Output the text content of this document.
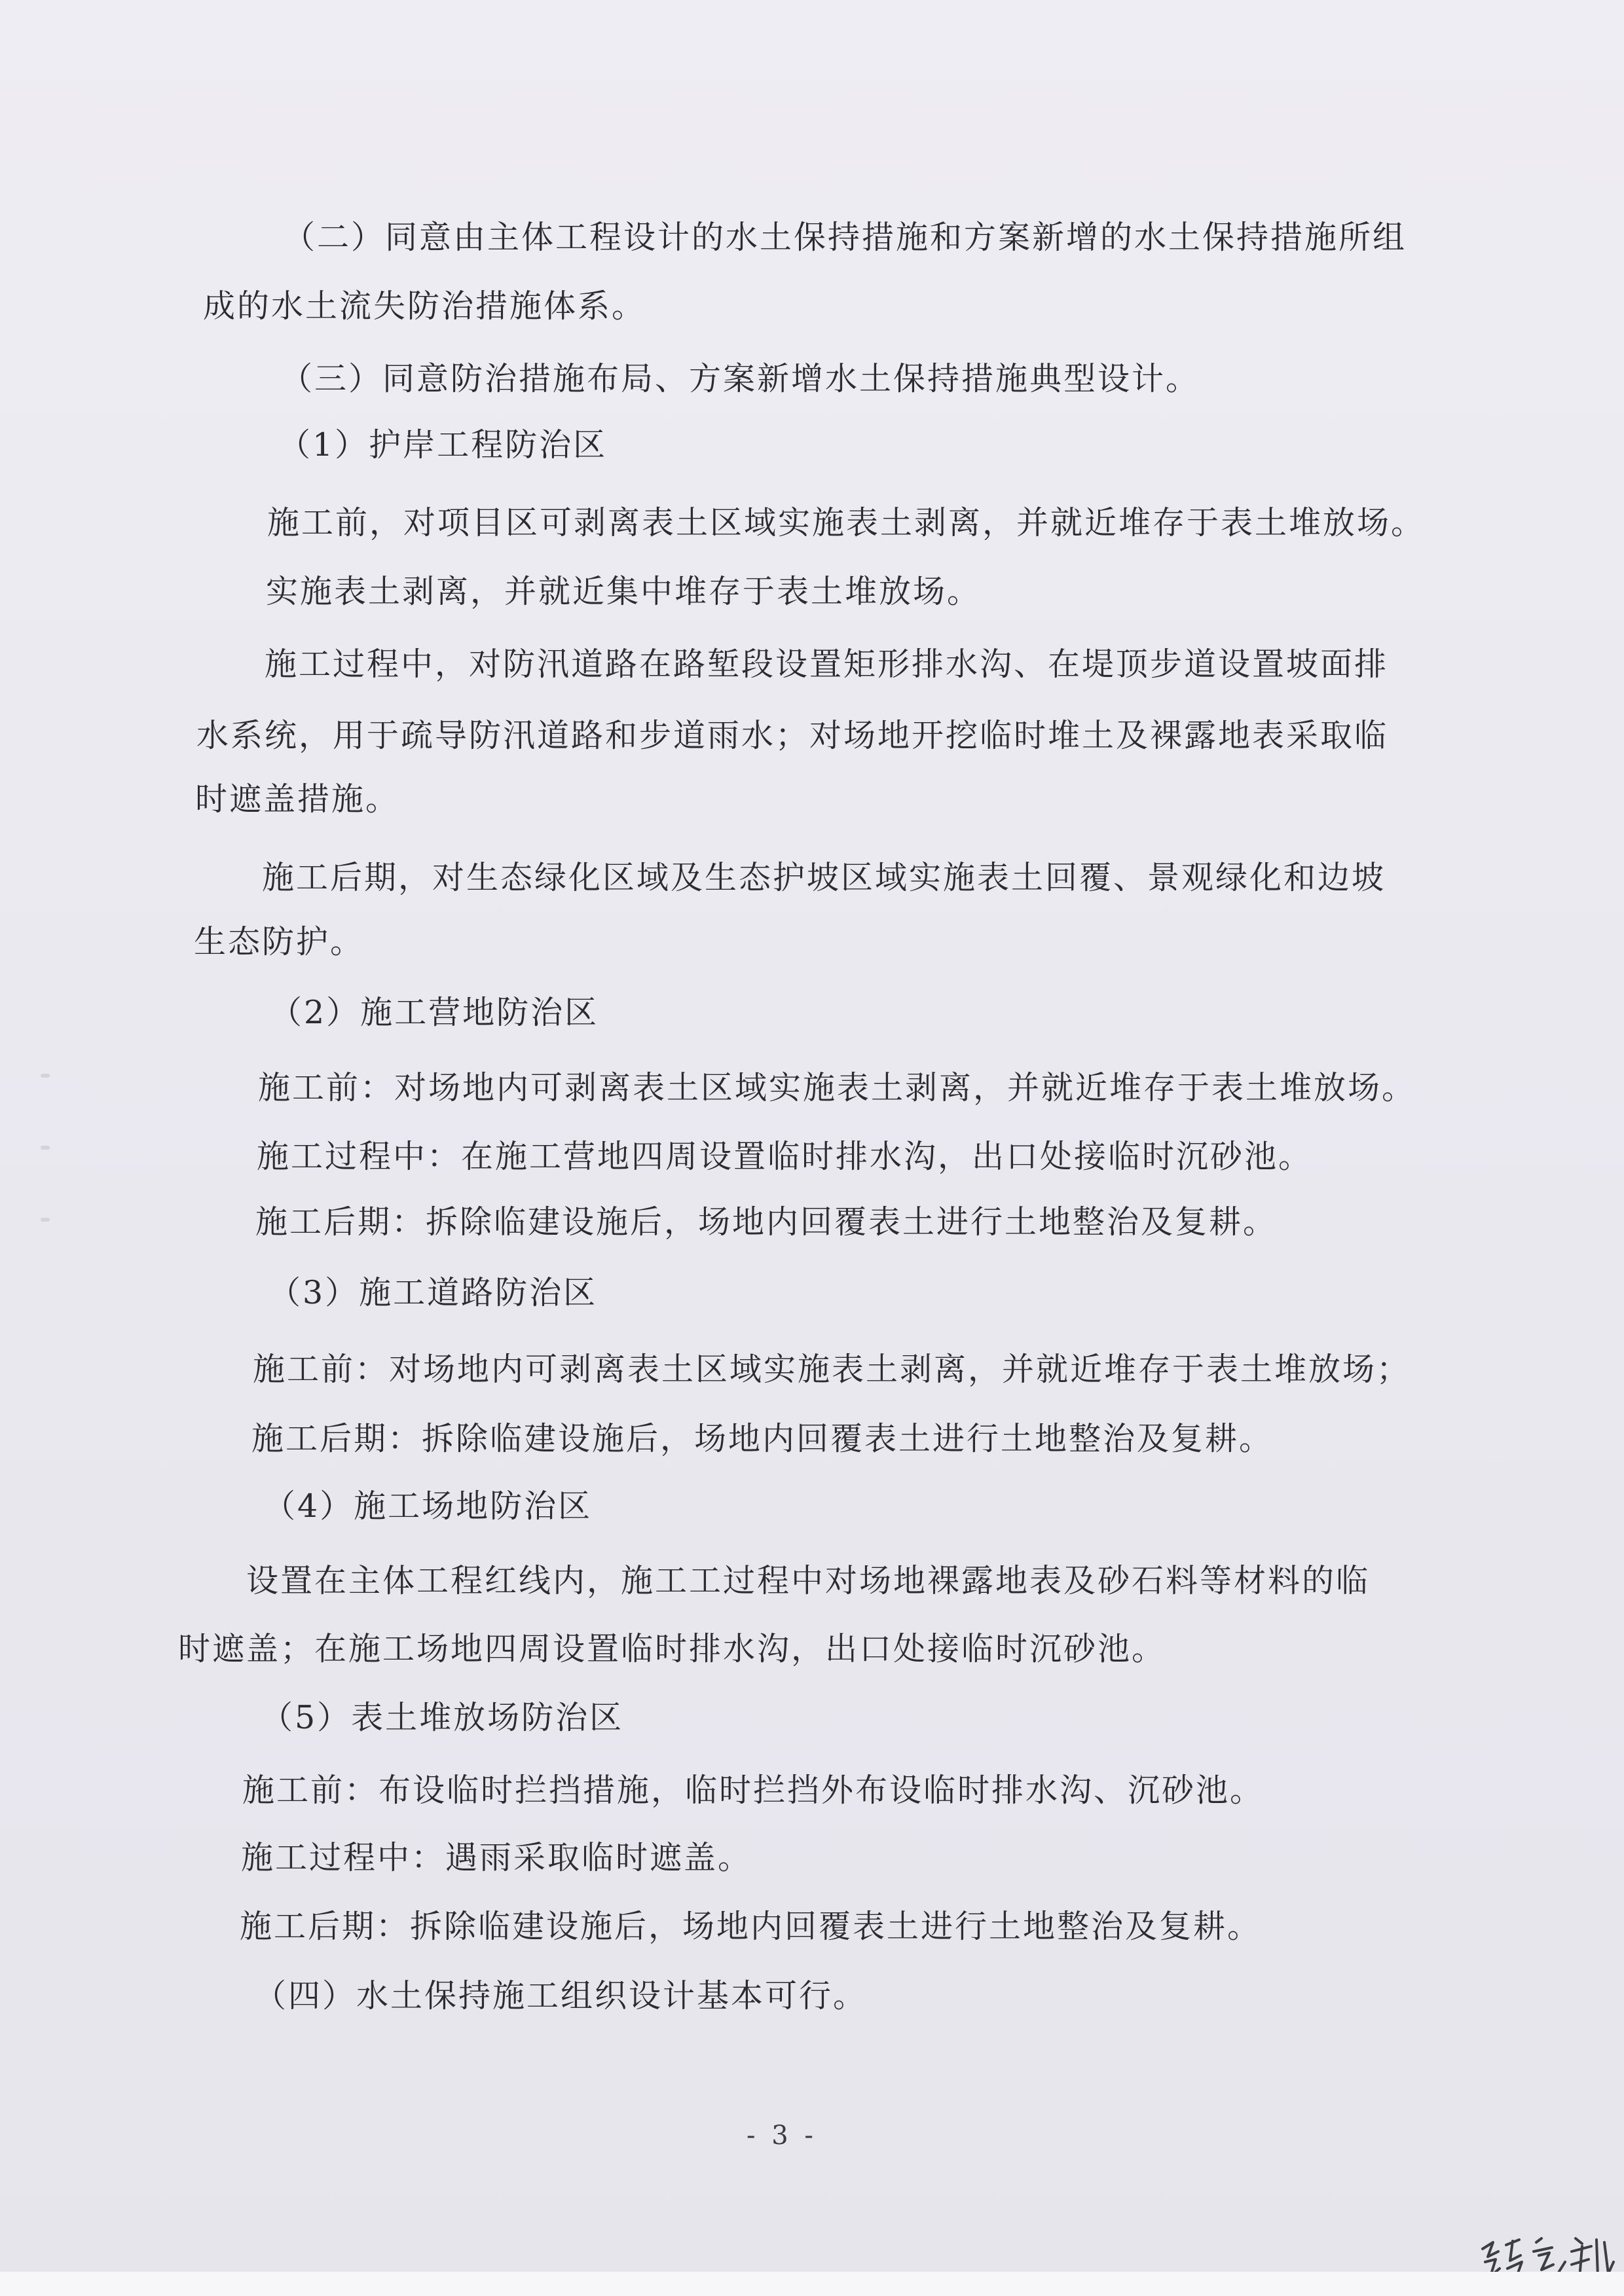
（二）同意由主体工程设计的水土保持措施和方案新增的水土保持措施所组
成的水土流失防治措施体系。
（三）同意防治措施布局、方案新增水土保持措施典型设计。
（1）护岸工程防治区
施工前，对项目区可剥离表土区域实施表土剥离，并就近堆存于表土堆放场。
实施表土剥离，并就近集中堆存于表土堆放场。
施工过程中，对防汛道路在路堑段设置矩形排水沟、在堤顶步道设置坡面排
水系统，用于疏导防汛道路和步道雨水；对场地开挖临时堆土及裸露地表采取临
时遮盖措施。
施工后期，对生态绿化区域及生态护坡区域实施表土回覆、景观绿化和边坡
生态防护。
（2）施工营地防治区
施工前：对场地内可剥离表土区域实施表土剥离，并就近堆存于表土堆放场。
施工过程中：在施工营地四周设置临时排水沟，出口处接临时沉砂池。
施工后期：拆除临建设施后，场地内回覆表土进行土地整治及复耕。
（3）施工道路防治区
施工前：对场地内可剥离表土区域实施表土剥离，并就近堆存于表土堆放场；
施工后期：拆除临建设施后，场地内回覆表土进行土地整治及复耕。
（4）施工场地防治区
设置在主体工程红线内，施工工过程中对场地裸露地表及砂石料等材料的临
时遮盖；在施工场地四周设置临时排水沟，出口处接临时沉砂池。
（5）表土堆放场防治区
施工前：布设临时拦挡措施，临时拦挡外布设临时排水沟、沉砂池。
施工过程中：遇雨采取临时遮盖。
施工后期：拆除临建设施后，场地内回覆表土进行土地整治及复耕。
（四）水土保持施工组织设计基本可行。
- 3 -
